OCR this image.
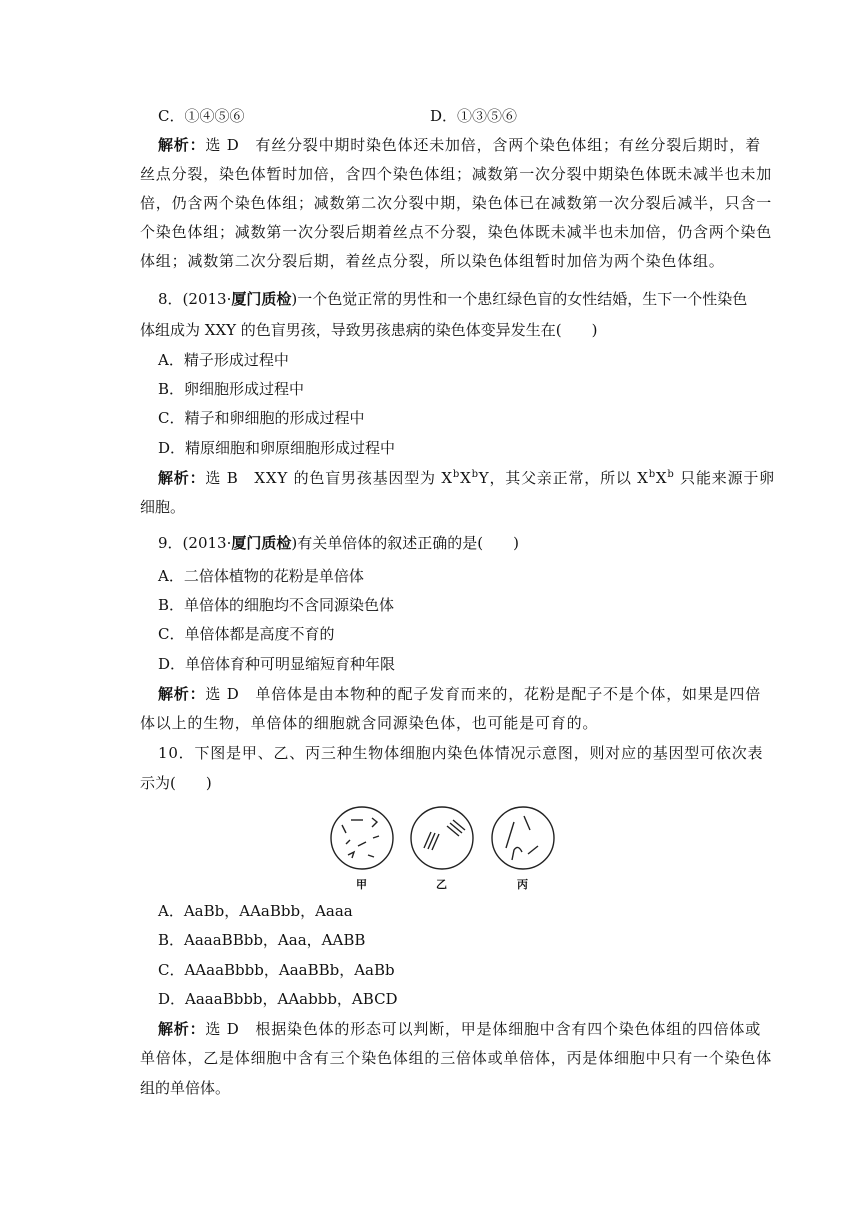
C．①④⑤⑥	D．①③⑤⑥
解析：选 D　有丝分裂中期时染色体还未加倍，含两个染色体组；有丝分裂后期时，着
丝点分裂，染色体暂时加倍，含四个染色体组；减数第一次分裂中期染色体既未减半也未加
倍，仍含两个染色体组；减数第二次分裂中期，染色体已在减数第一次分裂后减半，只含一
个染色体组；减数第一次分裂后期着丝点不分裂，染色体既未减半也未加倍，仍含两个染色
体组；减数第二次分裂后期，着丝点分裂，所以染色体组暂时加倍为两个染色体组。
8．(2013·厦门质检)一个色觉正常的男性和一个患红绿色盲的女性结婚，生下一个性染色
体组成为 XXY 的色盲男孩，导致男孩患病的染色体变异发生在(　　)
A．精子形成过程中
B．卵细胞形成过程中
C．精子和卵细胞的形成过程中
D．精原细胞和卵原细胞形成过程中
解析：选 B　XXY 的色盲男孩基因型为 $X^bX^bY$，其父亲正常，所以 $X^bX^b$ 只能来源于卵
细胞。
9．(2013·厦门质检)有关单倍体的叙述正确的是(　　)
A．二倍体植物的花粉是单倍体
B．单倍体的细胞均不含同源染色体
C．单倍体都是高度不育的
D．单倍体育种可明显缩短育种年限
解析：选 D　单倍体是由本物种的配子发育而来的，花粉是配子不是个体，如果是四倍
体以上的生物，单倍体的细胞就含同源染色体，也可能是可育的。
10．下图是甲、乙、丙三种生物体细胞内染色体情况示意图，则对应的基因型可依次表
示为(　　)
甲	乙	丙
A．AaBb，AAaBbb，Aaaa
B．AaaaBBbb，Aaa，AABB
C．AAaaBbbb，AaaBBb，AaBb
D．AaaaBbbb，AAabbb，ABCD
解析：选 D　根据染色体的形态可以判断，甲是体细胞中含有四个染色体组的四倍体或
单倍体，乙是体细胞中含有三个染色体组的三倍体或单倍体，丙是体细胞中只有一个染色体
组的单倍体。
